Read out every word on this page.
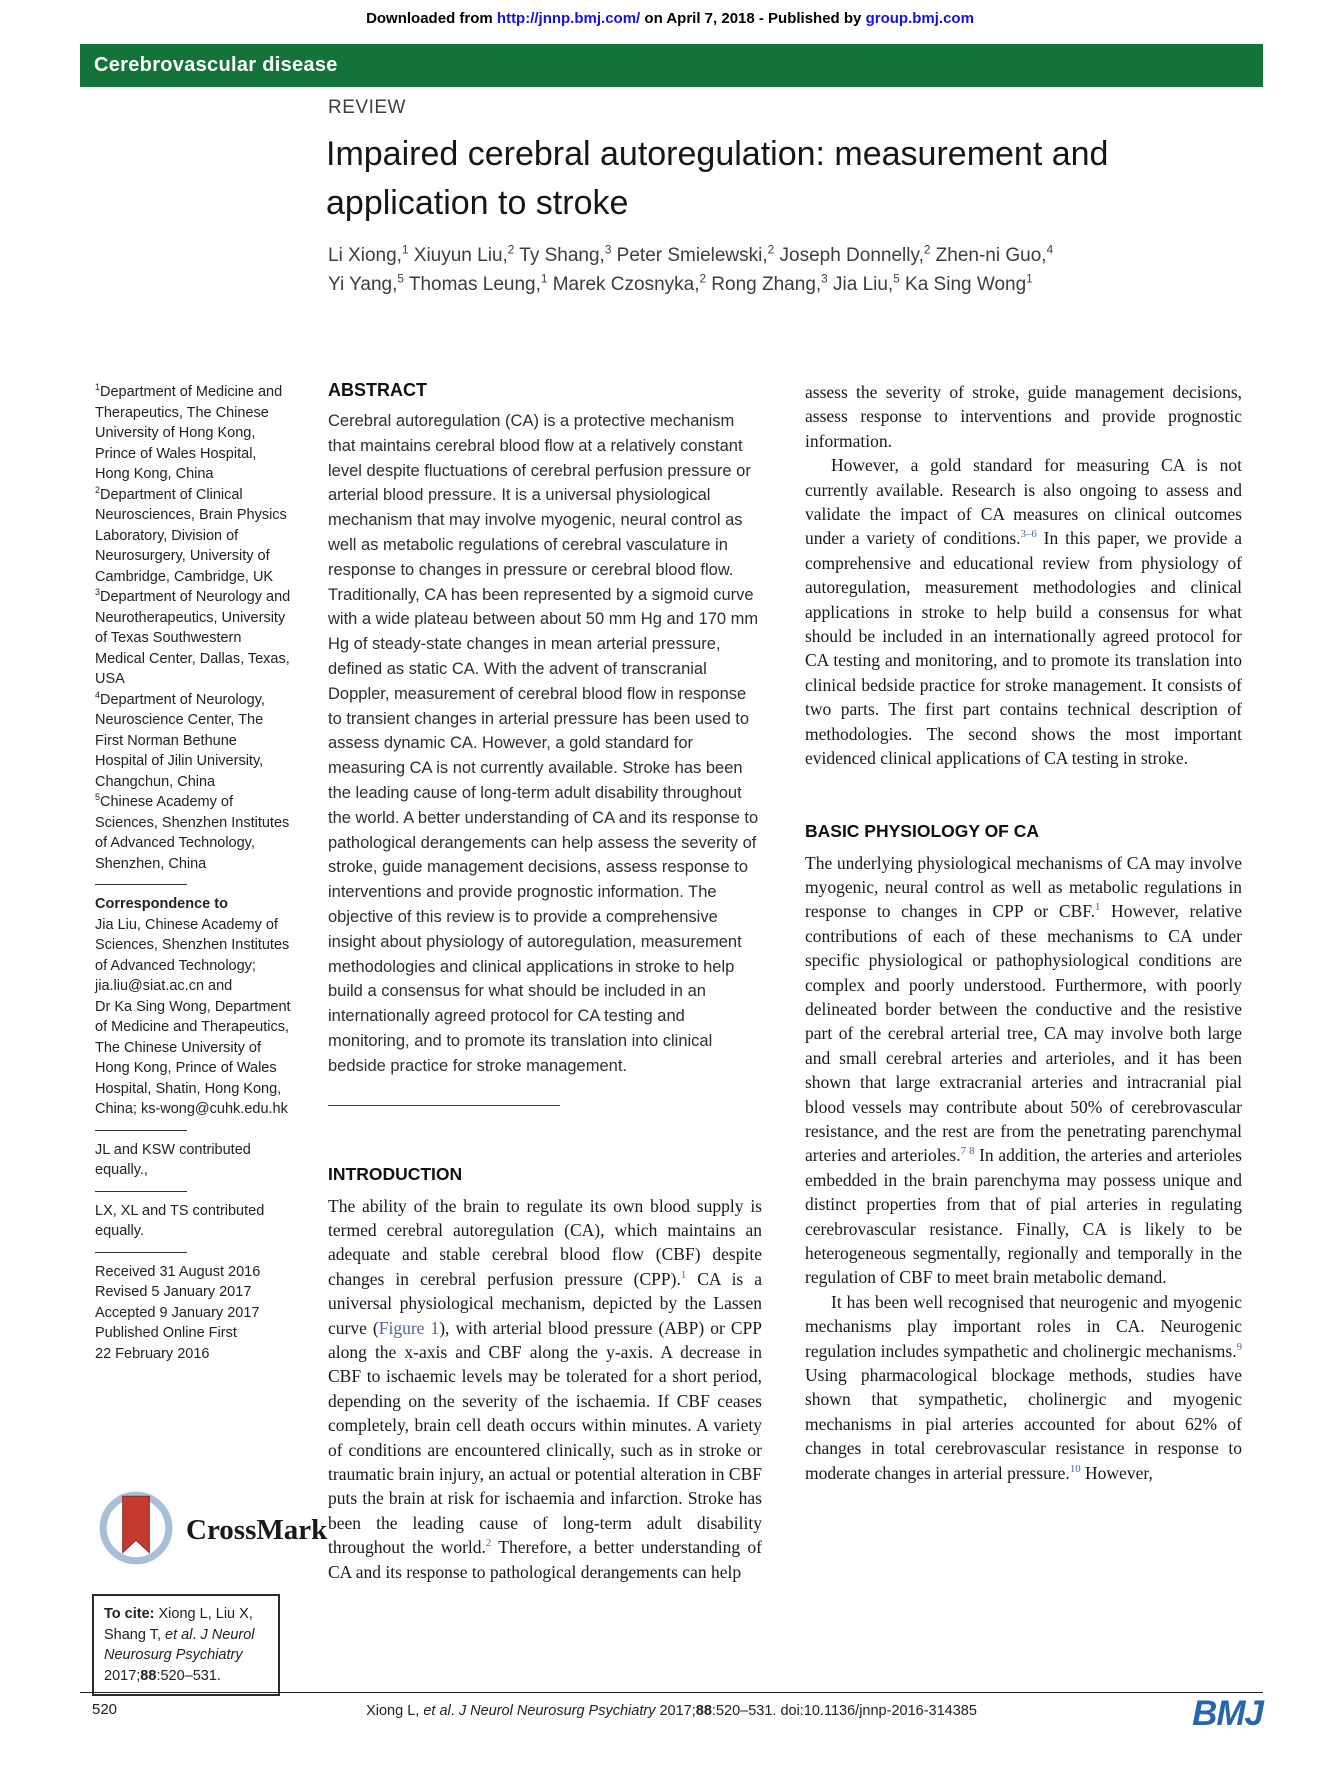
Downloaded from http://jnnp.bmj.com/ on April 7, 2018 - Published by group.bmj.com
Cerebrovascular disease
REVIEW
Impaired cerebral autoregulation: measurement and application to stroke
Li Xiong,$^1$ Xiuyun Liu,$^2$ Ty Shang,$^3$ Peter Smielewski,$^2$ Joseph Donnelly,$^2$ Zhen-ni Guo,$^4$
Yi Yang,$^5$ Thomas Leung,$^1$ Marek Czosnyka,$^2$ Rong Zhang,$^3$ Jia Liu,$^5$ Ka Sing Wong$^1$

$^1$Department of Medicine and Therapeutics, The Chinese University of Hong Kong, Prince of Wales Hospital, Hong Kong, China

$^2$Department of Clinical Neurosciences, Brain Physics Laboratory, Division of Neurosurgery, University of Cambridge, Cambridge, UK

$^3$Department of Neurology and Neurotherapeutics, University of Texas Southwestern Medical Center, Dallas, Texas, USA

$^4$Department of Neurology, Neuroscience Center, The First Norman Bethune Hospital of Jilin University, Changchun, China

$^5$Chinese Academy of Sciences, Shenzhen Institutes of Advanced Technology, Shenzhen, China

Correspondence to

Jia Liu, Chinese Academy of Sciences, Shenzhen Institutes of Advanced Technology; jia.liu@siat.ac.cn and

Dr Ka Sing Wong, Department of Medicine and Therapeutics, The Chinese University of Hong Kong, Prince of Wales Hospital, Shatin, Hong Kong, China; ks-wong@cuhk.edu.hk

JL and KSW contributed equally.,

LX, XL and TS contributed equally.

Received 31 August 2016

Revised 5 January 2017

Accepted 9 January 2017

Published Online First

22 February 2016

CrossMark

To cite: Xiong L, Liu X, Shang T, et al. J Neurol Neurosurg Psychiatry 2017;88:520–531.

ABSTRACT

Cerebral autoregulation (CA) is a protective mechanism that maintains cerebral blood flow at a relatively constant level despite fluctuations of cerebral perfusion pressure or arterial blood pressure. It is a universal physiological mechanism that may involve myogenic, neural control as well as metabolic regulations of cerebral vasculature in response to changes in pressure or cerebral blood flow. Traditionally, CA has been represented by a sigmoid curve with a wide plateau between about 50 mm Hg and 170 mm Hg of steady-state changes in mean arterial pressure, defined as static CA. With the advent of transcranial Doppler, measurement of cerebral blood flow in response to transient changes in arterial pressure has been used to assess dynamic CA. However, a gold standard for measuring CA is not currently available. Stroke has been the leading cause of long-term adult disability throughout the world. A better understanding of CA and its response to pathological derangements can help assess the severity of stroke, guide management decisions, assess response to interventions and provide prognostic information. The objective of this review is to provide a comprehensive insight about physiology of autoregulation, measurement methodologies and clinical applications in stroke to help build a consensus for what should be included in an internationally agreed protocol for CA testing and monitoring, and to promote its translation into clinical bedside practice for stroke management.

INTRODUCTION

The ability of the brain to regulate its own blood supply is termed cerebral autoregulation (CA), which maintains an adequate and stable cerebral blood flow (CBF) despite changes in cerebral perfusion pressure (CPP).$^1$ CA is a universal physiological mechanism, depicted by the Lassen curve (Figure 1), with arterial blood pressure (ABP) or CPP along the x-axis and CBF along the y-axis. A decrease in CBF to ischaemic levels may be tolerated for a short period, depending on the severity of the ischaemia. If CBF ceases completely, brain cell death occurs within minutes. A variety of conditions are encountered clinically, such as in stroke or traumatic brain injury, an actual or potential alteration in CBF puts the brain at risk for ischaemia and infarction. Stroke has been the leading cause of long-term adult disability throughout the world.$^2$ Therefore, a better understanding of CA and its response to pathological derangements can help

assess the severity of stroke, guide management decisions, assess response to interventions and provide prognostic information.

However, a gold standard for measuring CA is not currently available. Research is also ongoing to assess and validate the impact of CA measures on clinical outcomes under a variety of conditions.$^{3-6}$ In this paper, we provide a comprehensive and educational review from physiology of autoregulation, measurement methodologies and clinical applications in stroke to help build a consensus for what should be included in an internationally agreed protocol for CA testing and monitoring, and to promote its translation into clinical bedside practice for stroke management. It consists of two parts. The first part contains technical description of methodologies. The second shows the most important evidenced clinical applications of CA testing in stroke.

BASIC PHYSIOLOGY OF CA

The underlying physiological mechanisms of CA may involve myogenic, neural control as well as metabolic regulations in response to changes in CPP or CBF.$^1$ However, relative contributions of each of these mechanisms to CA under specific physiological or pathophysiological conditions are complex and poorly understood. Furthermore, with poorly delineated border between the conductive and the resistive part of the cerebral arterial tree, CA may involve both large and small cerebral arteries and arterioles, and it has been shown that large extracranial arteries and intracranial pial blood vessels may contribute about 50% of cerebrovascular resistance, and the rest are from the penetrating parenchymal arteries and arterioles.$^{7 8}$ In addition, the arteries and arterioles embedded in the brain parenchyma may possess unique and distinct properties from that of pial arteries in regulating cerebrovascular resistance. Finally, CA is likely to be heterogeneous segmentally, regionally and temporally in the regulation of CBF to meet brain metabolic demand.

It has been well recognised that neurogenic and myogenic mechanisms play important roles in CA. Neurogenic regulation includes sympathetic and cholinergic mechanisms.$^9$ Using pharmacological blockage methods, studies have shown that sympathetic, cholinergic and myogenic mechanisms in pial arteries accounted for about 62% of changes in total cerebrovascular resistance in response to moderate changes in arterial pressure.$^{10}$ However,

520	Xiong L, et al. J Neurol Neurosurg Psychiatry 2017;88:520–531. doi:10.1136/jnnp-2016-314385	BMJ
